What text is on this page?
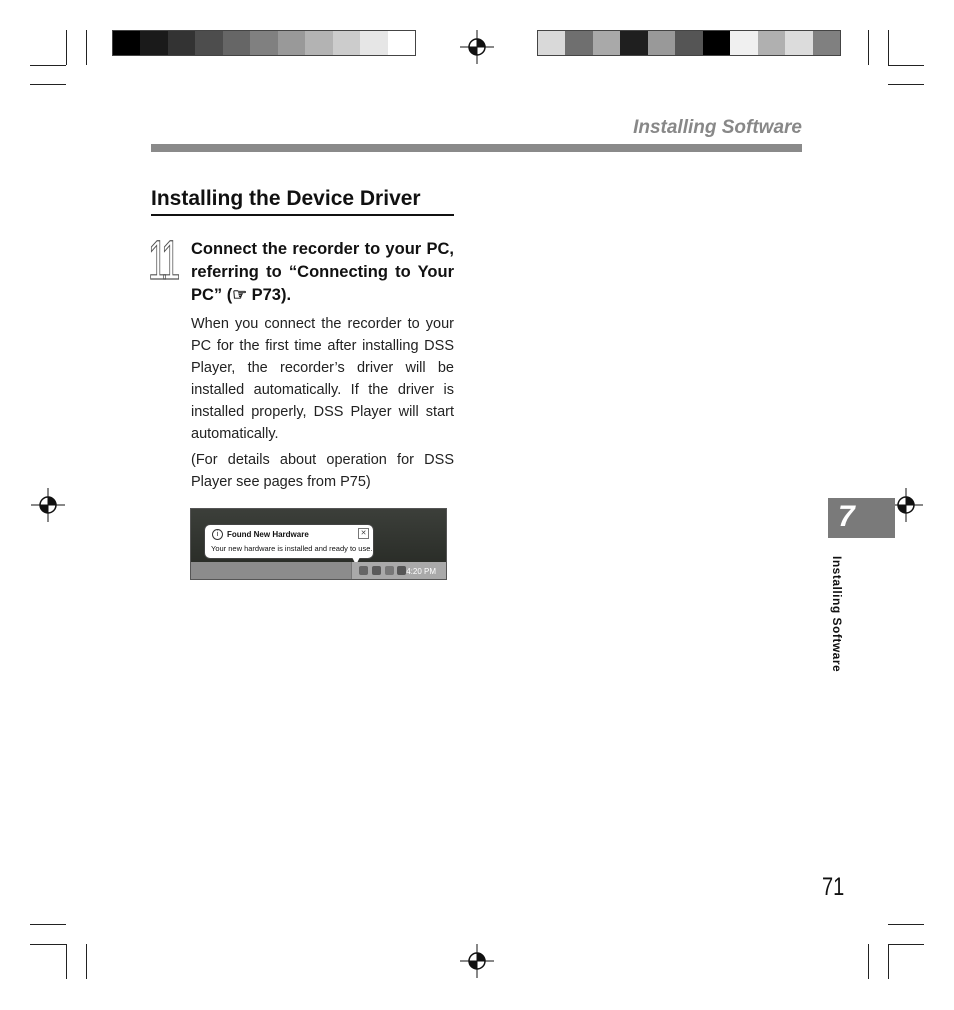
Installing Software
Installing the Device Driver
11 Connect the recorder to your PC, referring to “Connecting to Your PC” (☞ P73).
When you connect the recorder to your PC for the first time after installing DSS Player, the recorder’s driver will be installed automatically. If the driver is installed properly, DSS Player will start automatically.
(For details about operation for DSS Player see pages from P75)
i	Found New Hardware	✕
Your new hardware is installed and ready to use.
4:20 PM
7
Installing Software
71
